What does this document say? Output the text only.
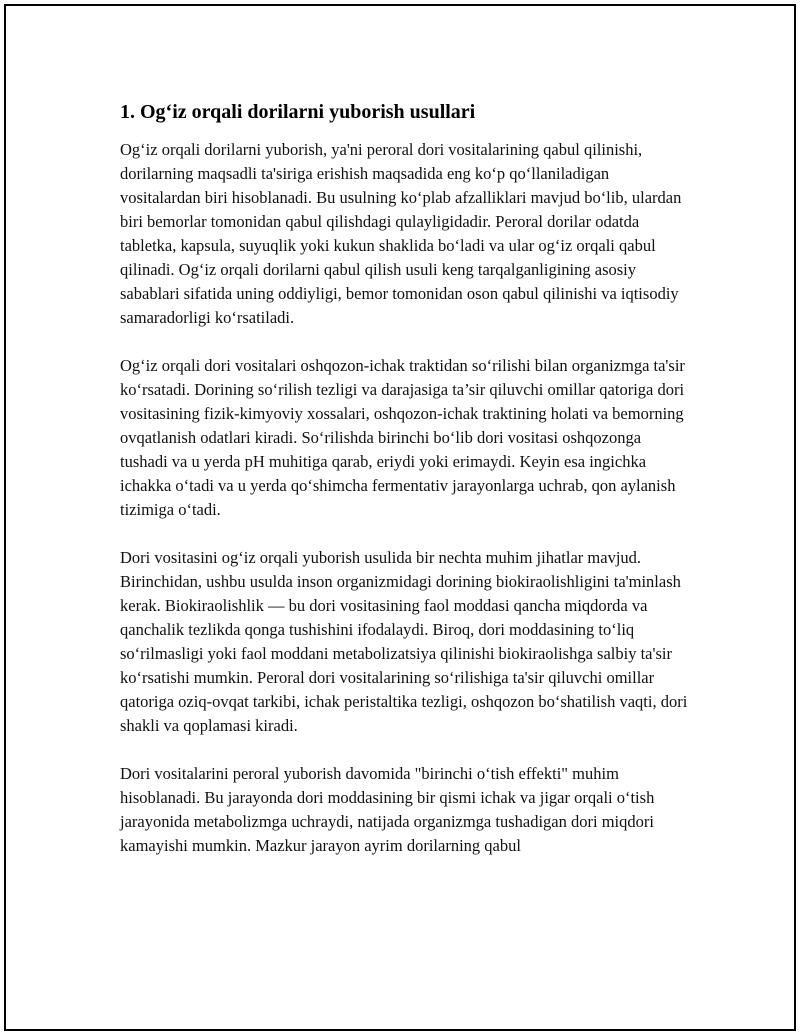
1. Og‘iz orqali dorilarni yuborish usullari

Og‘iz orqali dorilarni yuborish, ya'ni peroral dori vositalarining qabul qilinishi, dorilarning maqsadli ta'siriga erishish maqsadida eng ko‘p qo‘llaniladigan vositalardan biri hisoblanadi. Bu usulning ko‘plab afzalliklari mavjud bo‘lib, ulardan biri bemorlar tomonidan qabul qilishdagi qulayligidadir. Peroral dorilar odatda tabletka, kapsula, suyuqlik yoki kukun shaklida bo‘ladi va ular og‘iz orqali qabul qilinadi. Og‘iz orqali dorilarni qabul qilish usuli keng tarqalganligining asosiy sabablari sifatida uning oddiyligi, bemor tomonidan oson qabul qilinishi va iqtisodiy samaradorligi ko‘rsatiladi.

Og‘iz orqali dori vositalari oshqozon-ichak traktidan so‘rilishi bilan organizmga ta'sir ko‘rsatadi. Dorining so‘rilish tezligi va darajasiga ta’sir qiluvchi omillar qatoriga dori vositasining fizik-kimyoviy xossalari, oshqozon-ichak traktining holati va bemorning ovqatlanish odatlari kiradi. So‘rilishda birinchi bo‘lib dori vositasi oshqozonga tushadi va u yerda pH muhitiga qarab, eriydi yoki erimaydi. Keyin esa ingichka ichakka o‘tadi va u yerda qo‘shimcha fermentativ jarayonlarga uchrab, qon aylanish tizimiga o‘tadi.

Dori vositasini og‘iz orqali yuborish usulida bir nechta muhim jihatlar mavjud. Birinchidan, ushbu usulda inson organizmidagi dorining biokiraolishligini ta'minlash kerak. Biokiraolishlik — bu dori vositasining faol moddasi qancha miqdorda va qanchalik tezlikda qonga tushishini ifodalaydi. Biroq, dori moddasining to‘liq so‘rilmasligi yoki faol moddani metabolizatsiya qilinishi biokiraolishga salbiy ta'sir ko‘rsatishi mumkin. Peroral dori vositalarining so‘rilishiga ta'sir qiluvchi omillar qatoriga oziq-ovqat tarkibi, ichak peristaltika tezligi, oshqozon bo‘shatilish vaqti, dori shakli va qoplamasi kiradi.

Dori vositalarini peroral yuborish davomida "birinchi o‘tish effekti" muhim hisoblanadi. Bu jarayonda dori moddasining bir qismi ichak va jigar orqali o‘tish jarayonida metabolizmga uchraydi, natijada organizmga tushadigan dori miqdori kamayishi mumkin. Mazkur jarayon ayrim dorilarning qabul
